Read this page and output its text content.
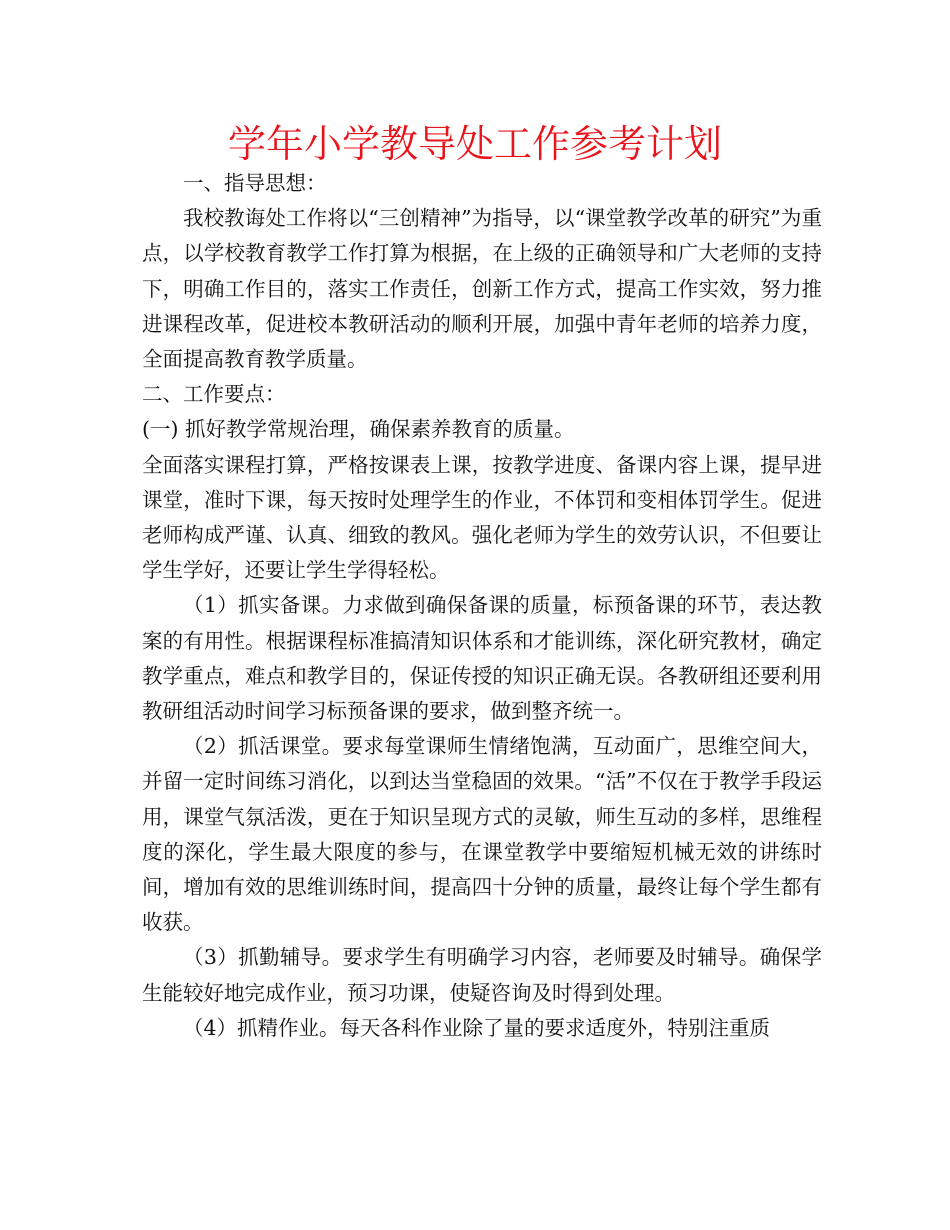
学年小学教导处工作参考计划

一、指导思想：

我校教诲处工作将以“三创精神”为指导，以“课堂教学改革的研究”为重点，以学校教育教学工作打算为根据，在上级的正确领导和广大老师的支持下，明确工作目的，落实工作责任，创新工作方式，提高工作实效，努力推进课程改革，促进校本教研活动的顺利开展，加强中青年老师的培养力度，全面提高教育教学质量。

二、工作要点：

(一) 抓好教学常规治理，确保素养教育的质量。

全面落实课程打算，严格按课表上课，按教学进度、备课内容上课，提早进课堂，准时下课，每天按时处理学生的作业，不体罚和变相体罚学生。促进老师构成严谨、认真、细致的教风。强化老师为学生的效劳认识，不但要让学生学好，还要让学生学得轻松。

（1）抓实备课。力求做到确保备课的质量，标预备课的环节，表达教案的有用性。根据课程标准搞清知识体系和才能训练，深化研究教材，确定教学重点，难点和教学目的，保证传授的知识正确无误。各教研组还要利用教研组活动时间学习标预备课的要求，做到整齐统一。

（2）抓活课堂。要求每堂课师生情绪饱满，互动面广，思维空间大，并留一定时间练习消化，以到达当堂稳固的效果。“活”不仅在于教学手段运用，课堂气氛活泼，更在于知识呈现方式的灵敏，师生互动的多样，思维程度的深化，学生最大限度的参与，在课堂教学中要缩短机械无效的讲练时间，增加有效的思维训练时间，提高四十分钟的质量，最终让每个学生都有收获。

（3）抓勤辅导。要求学生有明确学习内容，老师要及时辅导。确保学生能较好地完成作业，预习功课，使疑咨询及时得到处理。

（4）抓精作业。每天各科作业除了量的要求适度外，特别注重质
